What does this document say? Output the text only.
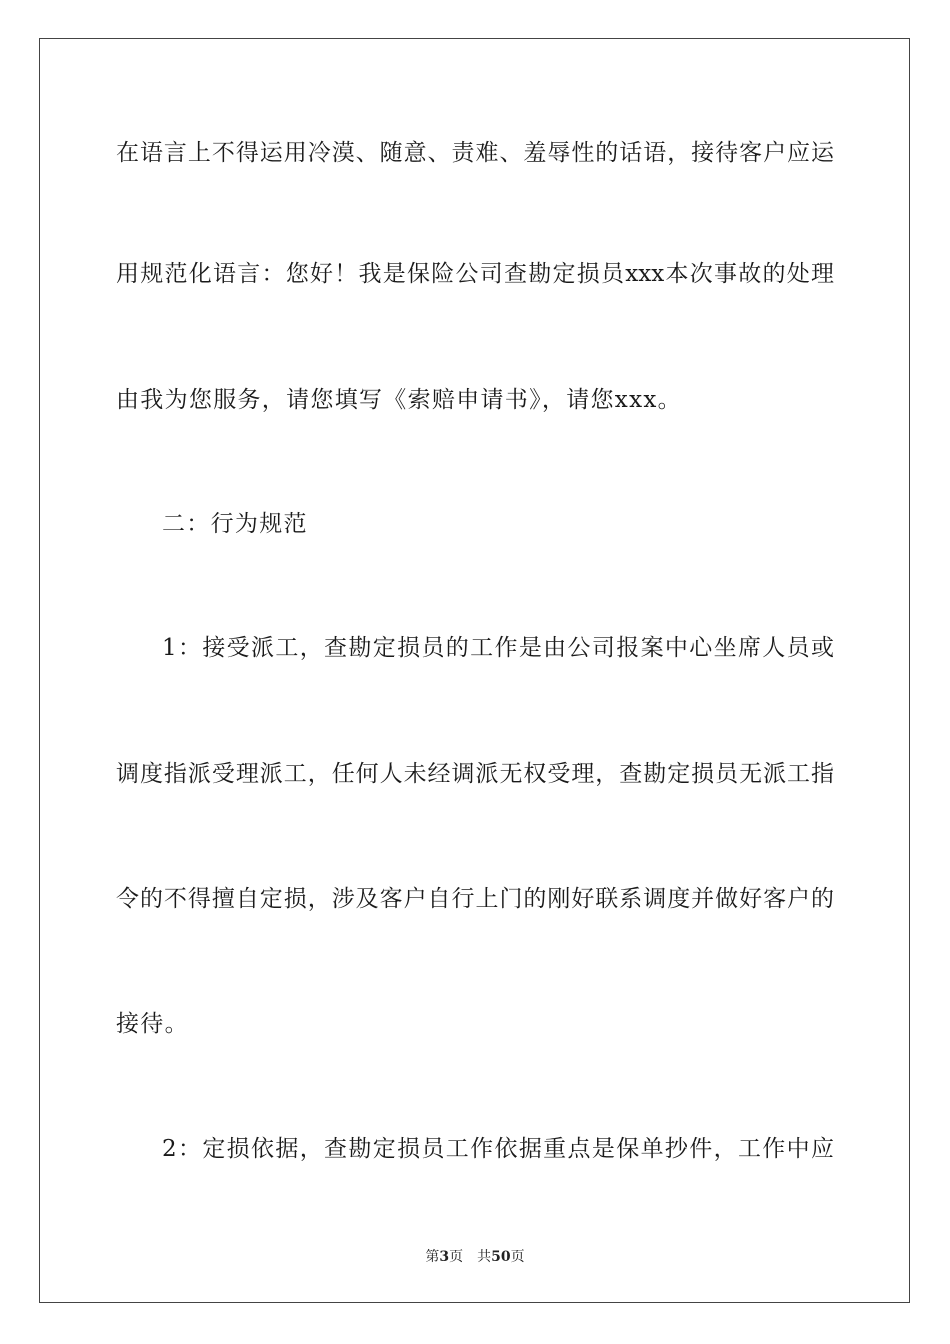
在语言上不得运用冷漠、随意、责难、羞辱性的话语，接待客户应运
用规范化语言：您好！我是保险公司查勘定损员xxx本次事故的处理
由我为您服务，请您填写《索赔申请书》，请您xxx。
二：行为规范
1：接受派工，查勘定损员的工作是由公司报案中心坐席人员或
调度指派受理派工，任何人未经调派无权受理，查勘定损员无派工指
令的不得擅自定损，涉及客户自行上门的刚好联系调度并做好客户的
接待。
2：定损依据，查勘定损员工作依据重点是保单抄件，工作中应
第3页 共50页
